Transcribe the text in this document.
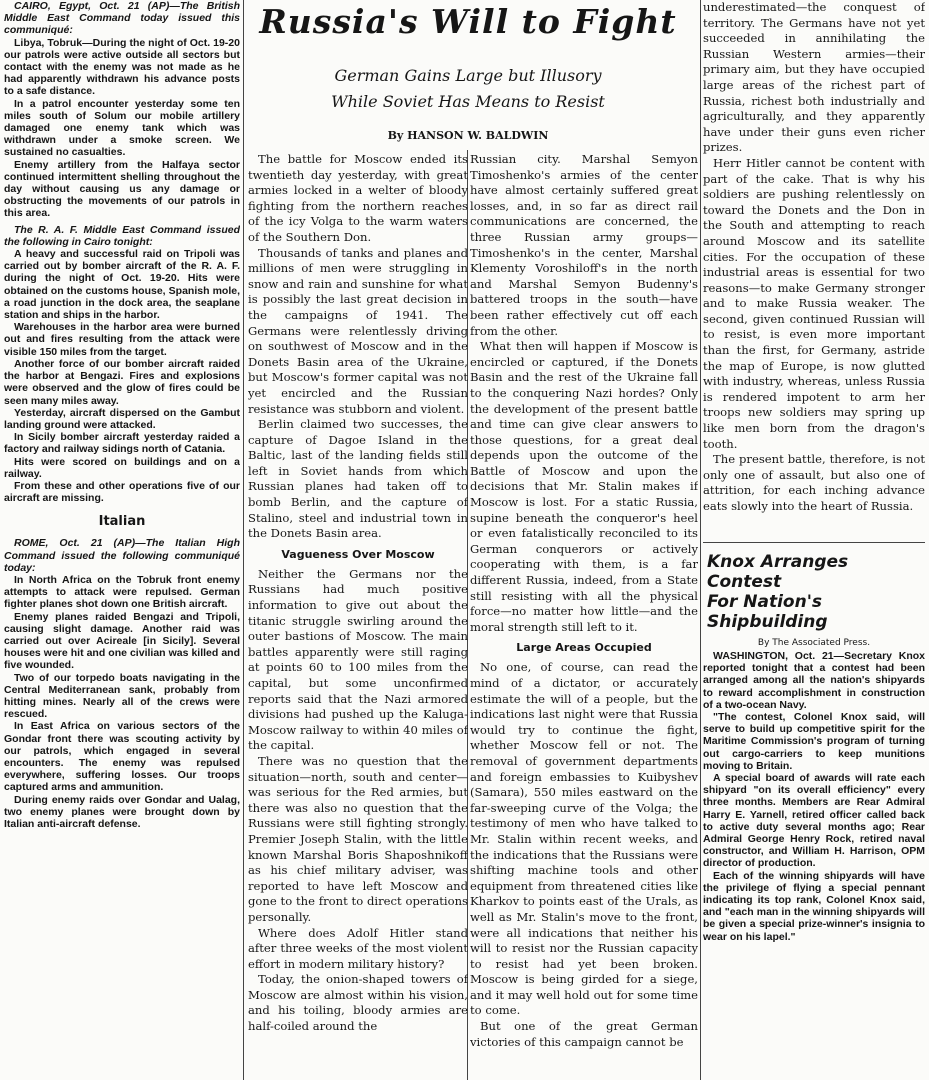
CAIRO, Egypt, Oct. 21 (AP)—The British Middle East Command today issued this communiqué:

Libya, Tobruk—During the night of Oct. 19-20 our patrols were active outside all sectors but contact with the enemy was not made as he had apparently withdrawn his advance posts to a safe distance.

In a patrol encounter yesterday some ten miles south of Solum our mobile artillery damaged one enemy tank which was withdrawn under a smoke screen. We sustained no casualties.

Enemy artillery from the Halfaya sector continued intermittent shelling throughout the day without causing us any damage or obstructing the movements of our patrols in this area.

The R. A. F. Middle East Command issued the following in Cairo tonight:

A heavy and successful raid on Tripoli was carried out by bomber aircraft of the R. A. F. during the night of Oct. 19-20. Hits were obtained on the customs house, Spanish mole, a road junction in the dock area, the seaplane station and ships in the harbor.

Warehouses in the harbor area were burned out and fires resulting from the attack were visible 150 miles from the target.

Another force of our bomber aircraft raided the harbor at Bengazi. Fires and explosions were observed and the glow of fires could be seen many miles away.

Yesterday, aircraft dispersed on the Gambut landing ground were attacked.

In Sicily bomber aircraft yesterday raided a factory and railway sidings north of Catania.

Hits were scored on buildings and on a railway.

From these and other operations five of our aircraft are missing.

Italian

ROME, Oct. 21 (AP)—The Italian High Command issued the following communiqué today:

In North Africa on the Tobruk front enemy attempts to attack were repulsed. German fighter planes shot down one British aircraft.

Enemy planes raided Bengazi and Tripoli, causing slight damage. Another raid was carried out over Acireale [in Sicily]. Several houses were hit and one civilian was killed and five wounded.

Two of our torpedo boats navigating in the Central Mediterranean sank, probably from hitting mines. Nearly all of the crews were rescued.

In East Africa on various sectors of the Gondar front there was scouting activity by our patrols, which engaged in several encounters. The enemy was repulsed everywhere, suffering losses. Our troops captured arms and ammunition.

During enemy raids over Gondar and Ualag, two enemy planes were brought down by Italian anti-aircraft defense.

Russia's Will to Fight
German Gains Large but Illusory
While Soviet Has Means to Resist
By HANSON W. BALDWIN

The battle for Moscow ended its twentieth day yesterday, with great armies locked in a welter of bloody fighting from the northern reaches of the icy Volga to the warm waters of the Southern Don.

Thousands of tanks and planes and millions of men were struggling in snow and rain and sunshine for what is possibly the last great decision in the campaigns of 1941. The Germans were relentlessly driving on southwest of Moscow and in the Donets Basin area of the Ukraine, but Moscow's former capital was not yet encircled and the Russian resistance was stubborn and violent.

Berlin claimed two successes, the capture of Dagoe Island in the Baltic, last of the landing fields still left in Soviet hands from which Russian planes had taken off to bomb Berlin, and the capture of Stalino, steel and industrial town in the Donets Basin area.

Vagueness Over Moscow

Neither the Germans nor the Russians had much positive information to give out about the titanic struggle swirling around the outer bastions of Moscow. The main battles apparently were still raging at points 60 to 100 miles from the capital, but some unconfirmed reports said that the Nazi armored divisions had pushed up the Kaluga-Moscow railway to within 40 miles of the capital.

There was no question that the situation—north, south and center—was serious for the Red armies, but there was also no question that the Russians were still fighting strongly. Premier Joseph Stalin, with the little known Marshal Boris Shaposhnikoff as his chief military adviser, was reported to have left Moscow and gone to the front to direct operations personally.

Where does Adolf Hitler stand after three weeks of the most violent effort in modern military history?

Today, the onion-shaped towers of Moscow are almost within his vision, and his toiling, bloody armies are half-coiled around the

Russian city. Marshal Semyon Timoshenko's armies of the center have almost certainly suffered great losses, and, in so far as direct rail communications are concerned, the three Russian army groups—Timoshenko's in the center, Marshal Klementy Voroshiloff's in the north and Marshal Semyon Budenny's battered troops in the south—have been rather effectively cut off each from the other.

What then will happen if Moscow is encircled or captured, if the Donets Basin and the rest of the Ukraine fall to the conquering Nazi hordes? Only the development of the present battle and time can give clear answers to those questions, for a great deal depends upon the outcome of the Battle of Moscow and upon the decisions that Mr. Stalin makes if Moscow is lost. For a static Russia, supine beneath the conqueror's heel or even fatalistically reconciled to its German conquerors or actively cooperating with them, is a far different Russia, indeed, from a State still resisting with all the physical force—no matter how little—and the moral strength still left to it.

Large Areas Occupied

No one, of course, can read the mind of a dictator, or accurately estimate the will of a people, but the indications last night were that Russia would try to continue the fight, whether Moscow fell or not. The removal of government departments and foreign embassies to Kuibyshev (Samara), 550 miles eastward on the far-sweeping curve of the Volga; the testimony of men who have talked to Mr. Stalin within recent weeks, and the indications that the Russians were shifting machine tools and other equipment from threatened cities like Kharkov to points east of the Urals, as well as Mr. Stalin's move to the front, were all indications that neither his will to resist nor the Russian capacity to resist had yet been broken. Moscow is being girded for a siege, and it may well hold out for some time to come.

But one of the great German victories of this campaign cannot be

underestimated—the conquest of territory. The Germans have not yet succeeded in annihilating the Russian Western armies—their primary aim, but they have occupied large areas of the richest part of Russia, richest both industrially and agriculturally, and they apparently have under their guns even richer prizes.

Herr Hitler cannot be content with part of the cake. That is why his soldiers are pushing relentlessly on toward the Donets and the Don in the South and attempting to reach around Moscow and its satellite cities. For the occupation of these industrial areas is essential for two reasons—to make Germany stronger and to make Russia weaker. The second, given continued Russian will to resist, is even more important than the first, for Germany, astride the map of Europe, is now glutted with industry, whereas, unless Russia is rendered impotent to arm her troops new soldiers may spring up like men born from the dragon's tooth.

The present battle, therefore, is not only one of assault, but also one of attrition, for each inching advance eats slowly into the heart of Russia.

Knox Arranges Contest
For Nation's Shipbuilding
By The Associated Press.

WASHINGTON, Oct. 21—Secretary Knox reported tonight that a contest had been arranged among all the nation's shipyards to reward accomplishment in construction of a two-ocean Navy.

"The contest, Colonel Knox said, will serve to build up competitive spirit for the Maritime Commission's program of turning out cargo-carriers to keep munitions moving to Britain.

A special board of awards will rate each shipyard "on its overall efficiency" every three months. Members are Rear Admiral Harry E. Yarnell, retired officer called back to active duty several months ago; Rear Admiral George Henry Rock, retired naval constructor, and William H. Harrison, OPM director of production.

Each of the winning shipyards will have the privilege of flying a special pennant indicating its top rank, Colonel Knox said, and "each man in the winning shipyards will be given a special prize-winner's insignia to wear on his lapel."
